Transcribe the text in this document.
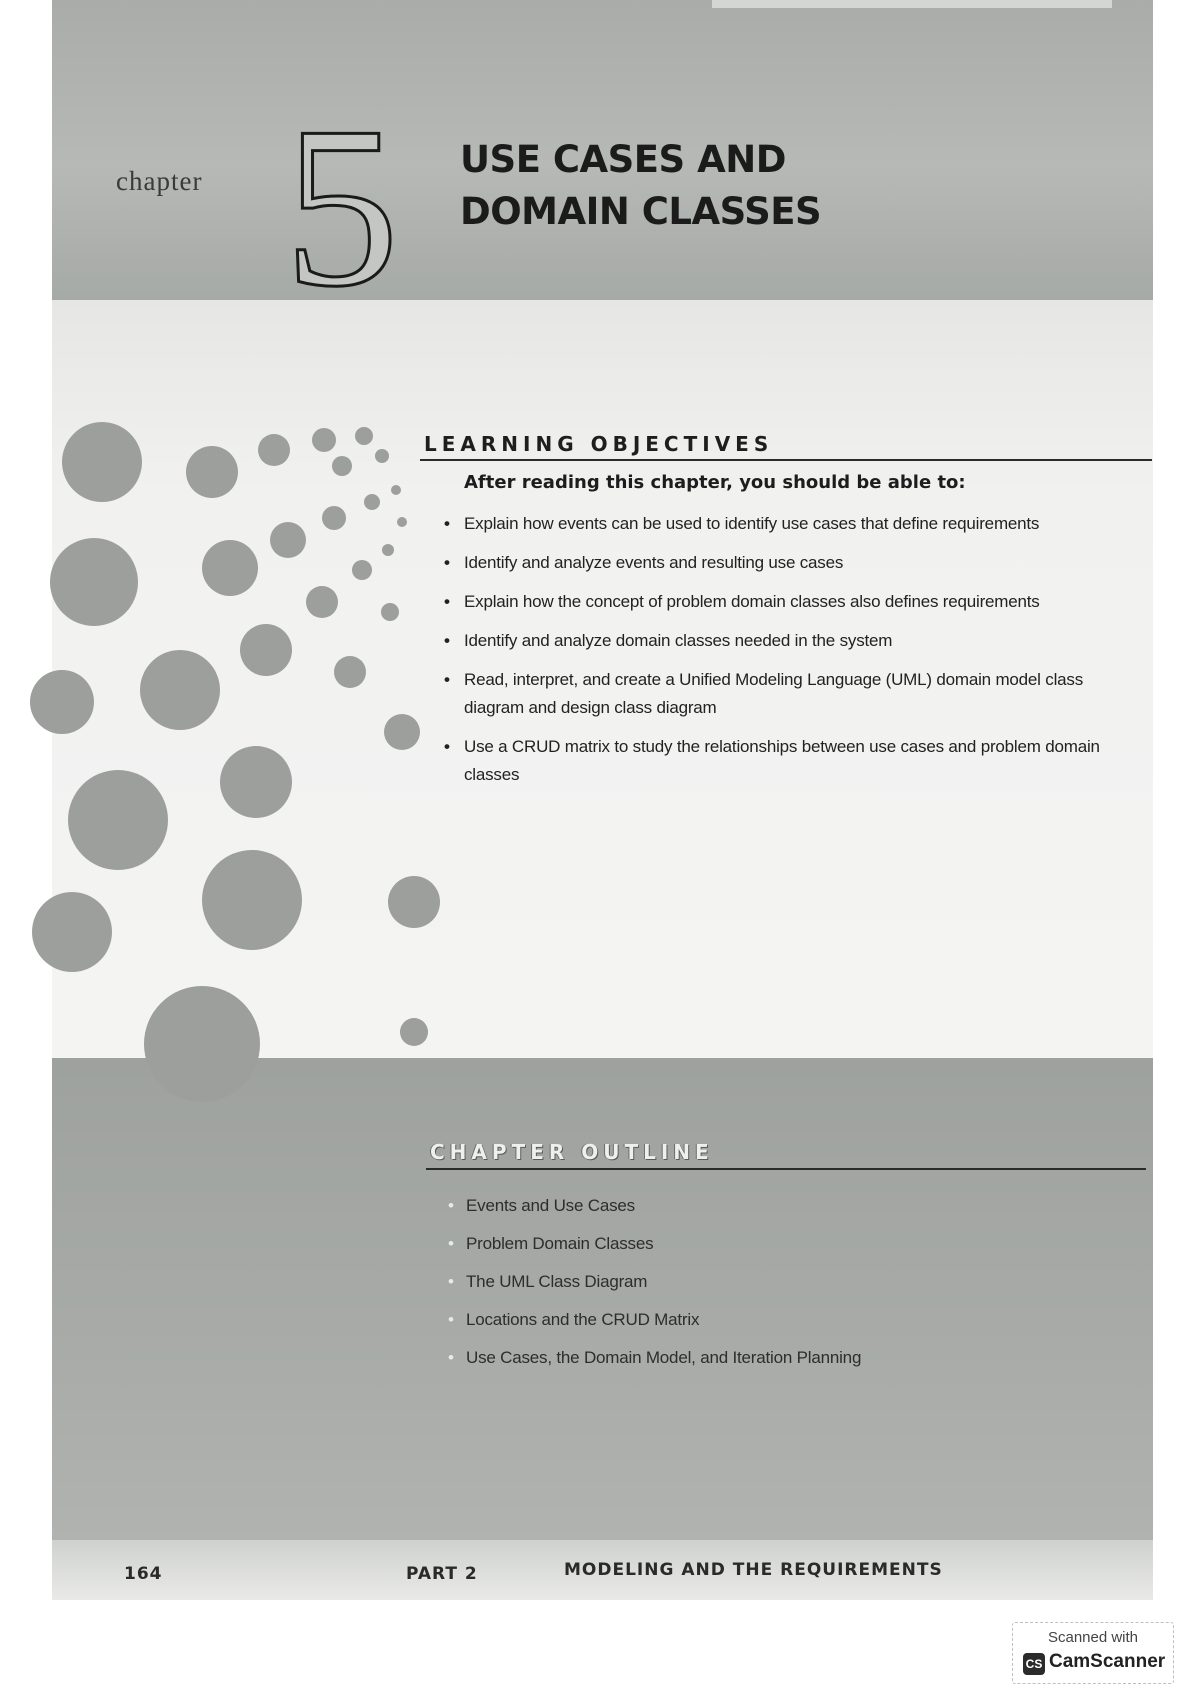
chapter 5 USE CASES AND
DOMAIN CLASSES
LEARNING OBJECTIVES

After reading this chapter, you should be able to:

• Explain how events can be used to identify use cases that define requirements
• Identify and analyze events and resulting use cases
• Explain how the concept of problem domain classes also defines requirements
• Identify and analyze domain classes needed in the system
• Read, interpret, and create a Unified Modeling Language (UML) domain model class diagram and design class diagram
• Use a CRUD matrix to study the relationships between use cases and problem domain classes
CHAPTER OUTLINE
• Events and Use Cases
• Problem Domain Classes
• The UML Class Diagram
• Locations and the CRUD Matrix
• Use Cases, the Domain Model, and Iteration Planning
164	PART 2	MODELING AND THE REQUIREMENTS
Scanned with
CS CamScanner
